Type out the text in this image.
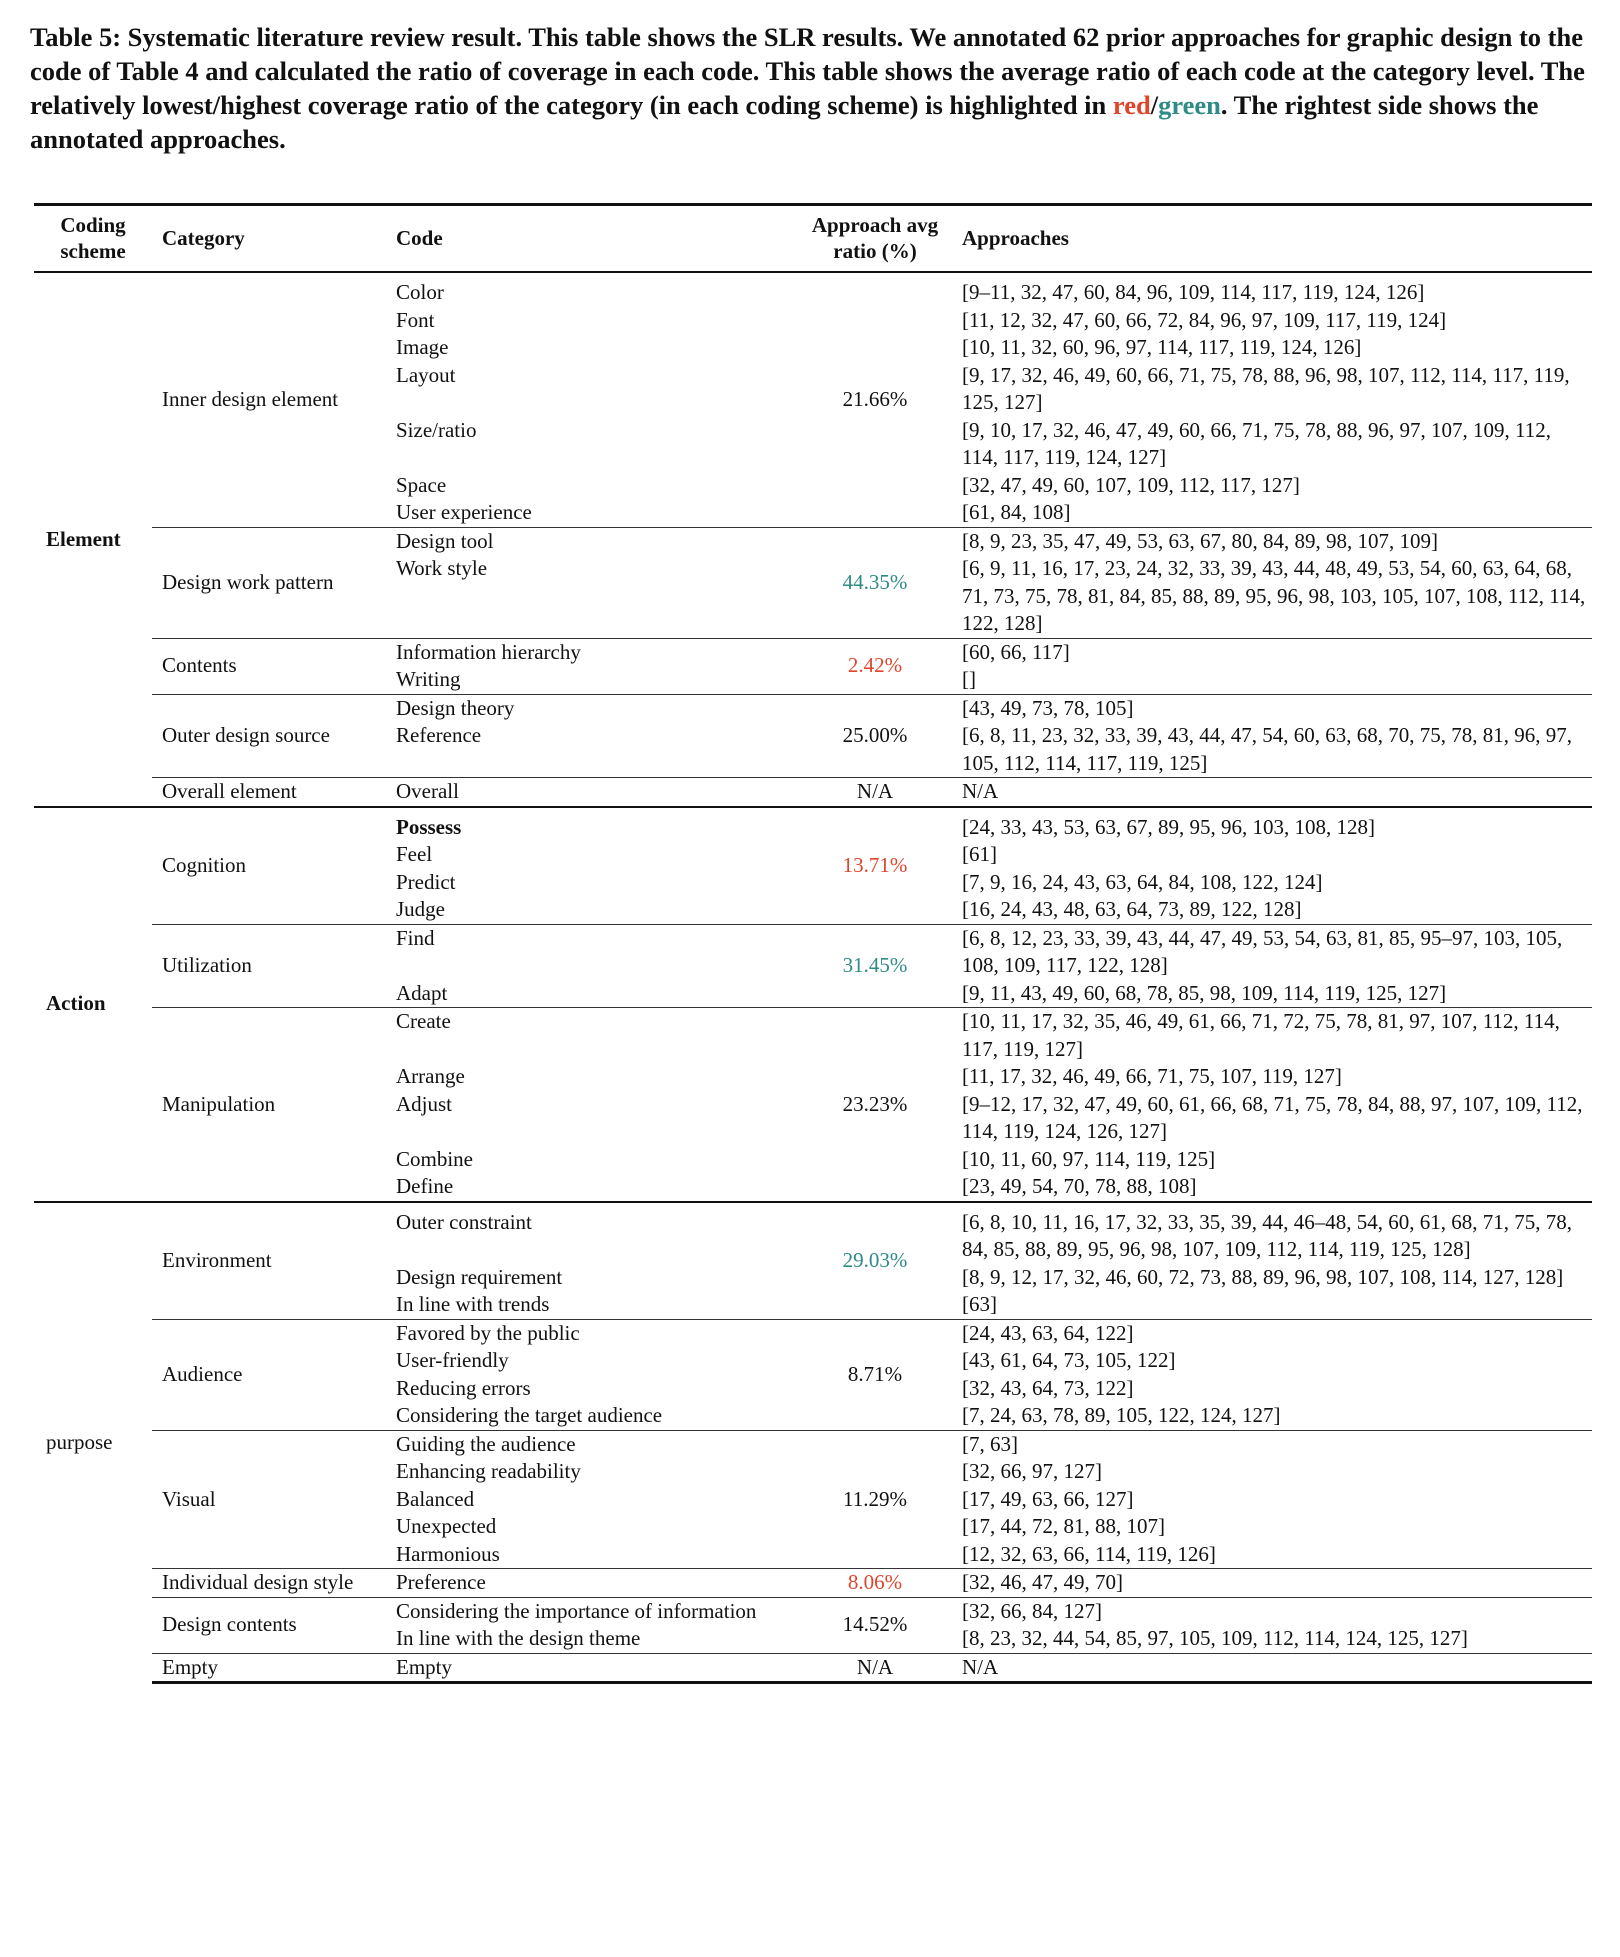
Table 5: Systematic literature review result. This table shows the SLR results. We annotated 62 prior approaches for graphic design to the code of Table 4 and calculated the ratio of coverage in each code. This table shows the average ratio of each code at the category level. The relatively lowest/highest coverage ratio of the category (in each coding scheme) is highlighted in red/green. The rightest side shows the annotated approaches.
Coding scheme	Category	Code	Approach avg ratio (%)	Approaches
Element	Inner design element	Color	21.66%	[9–11, 32, 47, 60, 84, 96, 109, 114, 117, 119, 124, 126]
		Font		[11, 12, 32, 47, 60, 66, 72, 84, 96, 97, 109, 117, 119, 124]
		Image		[10, 11, 32, 60, 96, 97, 114, 117, 119, 124, 126]
		Layout		[9, 17, 32, 46, 49, 60, 66, 71, 75, 78, 88, 96, 98, 107, 112, 114, 117, 119, 125, 127]
		Size/ratio		[9, 10, 17, 32, 46, 47, 49, 60, 66, 71, 75, 78, 88, 96, 97, 107, 109, 112, 114, 117, 119, 124, 127]
		Space		[32, 47, 49, 60, 107, 109, 112, 117, 127]
		User experience		[61, 84, 108]
	Design work pattern	Design tool	44.35%	[8, 9, 23, 35, 47, 49, 53, 63, 67, 80, 84, 89, 98, 107, 109]
		Work style		[6, 9, 11, 16, 17, 23, 24, 32, 33, 39, 43, 44, 48, 49, 53, 54, 60, 63, 64, 68, 71, 73, 75, 78, 81, 84, 85, 88, 89, 95, 96, 98, 103, 105, 107, 108, 112, 114, 122, 128]
	Contents	Information hierarchy	2.42%	[60, 66, 117]
		Writing		[]
	Outer design source	Design theory	25.00%	[43, 49, 73, 78, 105]
		Reference		[6, 8, 11, 23, 32, 33, 39, 43, 44, 47, 54, 60, 63, 68, 70, 75, 78, 81, 96, 97, 105, 112, 114, 117, 119, 125]
	Overall element	Overall	N/A	N/A
Action	Cognition	Possess	13.71%	[24, 33, 43, 53, 63, 67, 89, 95, 96, 103, 108, 128]
		Feel		[61]
		Predict		[7, 9, 16, 24, 43, 63, 64, 84, 108, 122, 124]
		Judge		[16, 24, 43, 48, 63, 64, 73, 89, 122, 128]
	Utilization	Find	31.45%	[6, 8, 12, 23, 33, 39, 43, 44, 47, 49, 53, 54, 63, 81, 85, 95–97, 103, 105, 108, 109, 117, 122, 128]
		Adapt		[9, 11, 43, 49, 60, 68, 78, 85, 98, 109, 114, 119, 125, 127]
	Manipulation	Create	23.23%	[10, 11, 17, 32, 35, 46, 49, 61, 66, 71, 72, 75, 78, 81, 97, 107, 112, 114, 117, 119, 127]
		Arrange		[11, 17, 32, 46, 49, 66, 71, 75, 107, 119, 127]
		Adjust		[9–12, 17, 32, 47, 49, 60, 61, 66, 68, 71, 75, 78, 84, 88, 97, 107, 109, 112, 114, 119, 124, 126, 127]
		Combine		[10, 11, 60, 97, 114, 119, 125]
		Define		[23, 49, 54, 70, 78, 88, 108]
purpose	Environment	Outer constraint	29.03%	[6, 8, 10, 11, 16, 17, 32, 33, 35, 39, 44, 46–48, 54, 60, 61, 68, 71, 75, 78, 84, 85, 88, 89, 95, 96, 98, 107, 109, 112, 114, 119, 125, 128]
		Design requirement		[8, 9, 12, 17, 32, 46, 60, 72, 73, 88, 89, 96, 98, 107, 108, 114, 127, 128]
		In line with trends		[63]
	Audience	Favored by the public	8.71%	[24, 43, 63, 64, 122]
		User-friendly		[43, 61, 64, 73, 105, 122]
		Reducing errors		[32, 43, 64, 73, 122]
		Considering the target audience		[7, 24, 63, 78, 89, 105, 122, 124, 127]
	Visual	Guiding the audience	11.29%	[7, 63]
		Enhancing readability		[32, 66, 97, 127]
		Balanced		[17, 49, 63, 66, 127]
		Unexpected		[17, 44, 72, 81, 88, 107]
		Harmonious		[12, 32, 63, 66, 114, 119, 126]
	Individual design style	Preference	8.06%	[32, 46, 47, 49, 70]
	Design contents	Considering the importance of information	14.52%	[32, 66, 84, 127]
		In line with the design theme		[8, 23, 32, 44, 54, 85, 97, 105, 109, 112, 114, 124, 125, 127]
	Empty	Empty	N/A	N/A
